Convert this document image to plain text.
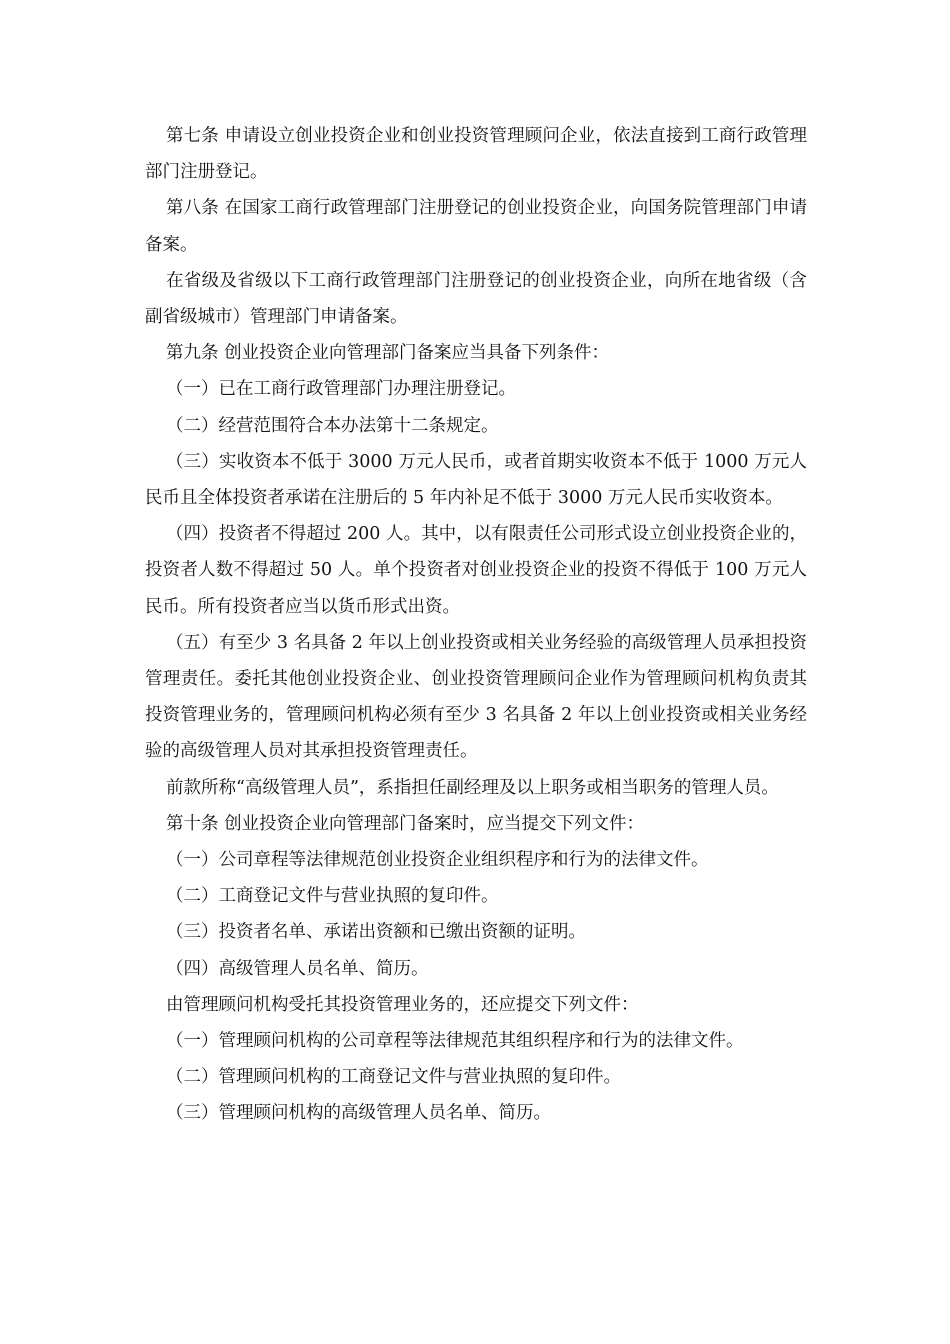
第七条 申请设立创业投资企业和创业投资管理顾问企业，依法直接到工商行政管理部门注册登记。

第八条 在国家工商行政管理部门注册登记的创业投资企业，向国务院管理部门申请备案。

在省级及省级以下工商行政管理部门注册登记的创业投资企业，向所在地省级（含副省级城市）管理部门申请备案。

第九条 创业投资企业向管理部门备案应当具备下列条件：

（一）已在工商行政管理部门办理注册登记。

（二）经营范围符合本办法第十二条规定。

（三）实收资本不低于 3000 万元人民币，或者首期实收资本不低于 1000 万元人民币且全体投资者承诺在注册后的 5 年内补足不低于 3000 万元人民币实收资本。

（四）投资者不得超过 200 人。其中，以有限责任公司形式设立创业投资企业的，投资者人数不得超过 50 人。单个投资者对创业投资企业的投资不得低于 100 万元人民币。所有投资者应当以货币形式出资。

（五）有至少 3 名具备 2 年以上创业投资或相关业务经验的高级管理人员承担投资管理责任。委托其他创业投资企业、创业投资管理顾问企业作为管理顾问机构负责其投资管理业务的，管理顾问机构必须有至少 3 名具备 2 年以上创业投资或相关业务经验的高级管理人员对其承担投资管理责任。

前款所称“高级管理人员”，系指担任副经理及以上职务或相当职务的管理人员。

第十条 创业投资企业向管理部门备案时，应当提交下列文件：

（一）公司章程等法律规范创业投资企业组织程序和行为的法律文件。

（二）工商登记文件与营业执照的复印件。

（三）投资者名单、承诺出资额和已缴出资额的证明。

（四）高级管理人员名单、简历。

由管理顾问机构受托其投资管理业务的，还应提交下列文件：

（一）管理顾问机构的公司章程等法律规范其组织程序和行为的法律文件。

（二）管理顾问机构的工商登记文件与营业执照的复印件。

（三）管理顾问机构的高级管理人员名单、简历。
